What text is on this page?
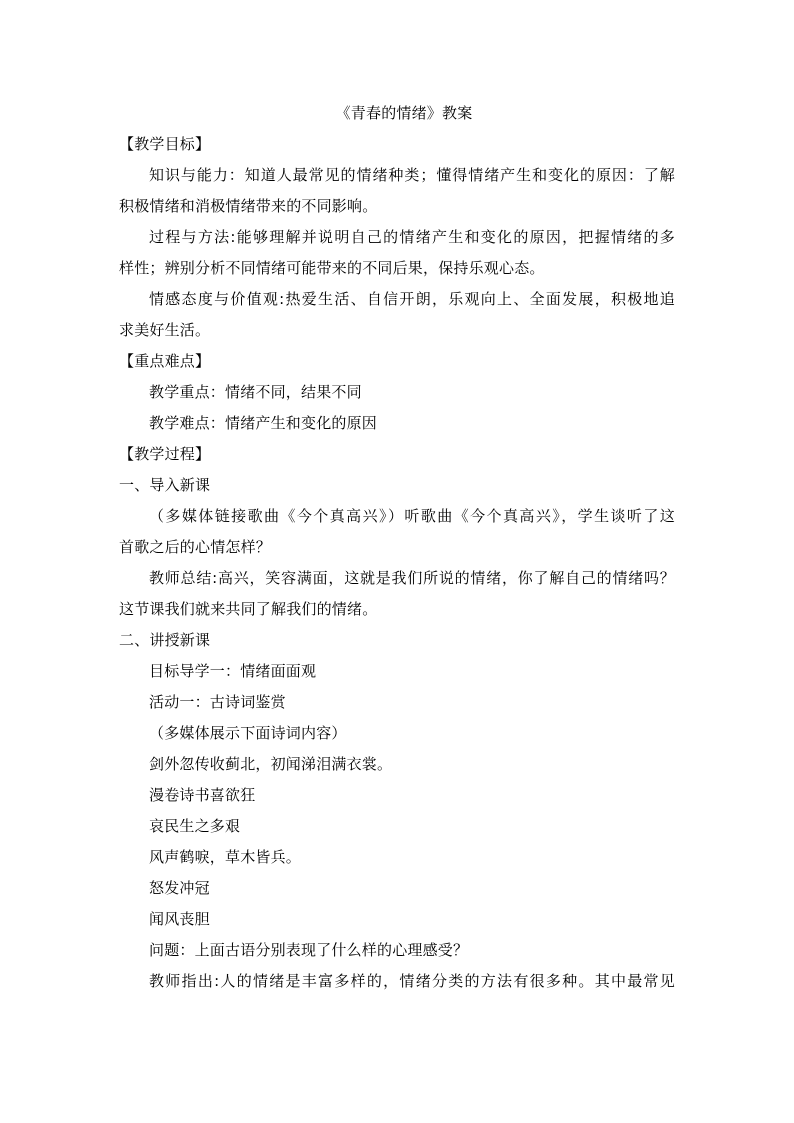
《青春的情绪》教案
【教学目标】
知识与能力：知道人最常见的情绪种类；懂得情绪产生和变化的原因：了解
积极情绪和消极情绪带来的不同影响。
过程与方法:能够理解并说明自己的情绪产生和变化的原因，把握情绪的多
样性；辨别分析不同情绪可能带来的不同后果，保持乐观心态。
情感态度与价值观:热爱生活、自信开朗，乐观向上、全面发展，积极地追
求美好生活。
【重点难点】
教学重点：情绪不同，结果不同
教学难点：情绪产生和变化的原因
【教学过程】
一、导入新课
（多媒体链接歌曲《今个真高兴》）听歌曲《今个真高兴》，学生谈听了这
首歌之后的心情怎样？
教师总结:高兴，笑容满面，这就是我们所说的情绪，你了解自己的情绪吗？
这节课我们就来共同了解我们的情绪。
二、讲授新课
目标导学一：情绪面面观
活动一：古诗词鉴赏
（多媒体展示下面诗词内容）
剑外忽传收蓟北，初闻涕泪满衣裳。
漫卷诗书喜欲狂
哀民生之多艰
风声鹤唳，草木皆兵。
怒发冲冠
闻风丧胆
问题：上面古语分别表现了什么样的心理感受？
教师指出:人的情绪是丰富多样的，情绪分类的方法有很多种。其中最常见
